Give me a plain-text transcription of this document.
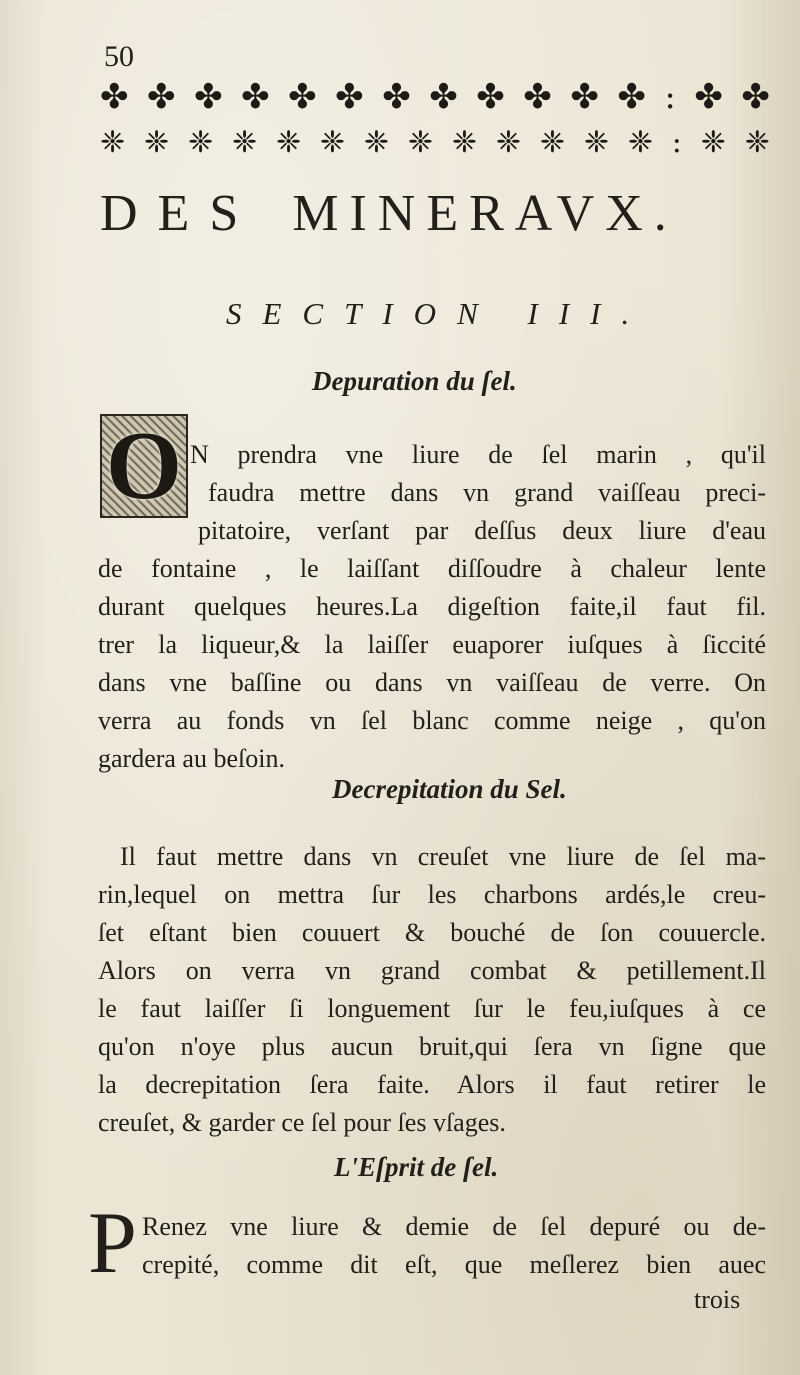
50
✤ ✤ ✤ ✤ ✤ ✤ ✤ ✤ ✤ ✤ ✤ ✤ : ✤ ✤
❈ ❈ ❈ ❈ ❈ ❈ ❈ ❈ ❈ ❈ ❈ ❈ ❈ : ❈ ❈
DES MINERAVX.
SECTION III.
Depuration du ſel.
O N prendra vne liure de ſel marin , qu'il
faudra mettre dans vn grand vaiſſeau preci-
pitatoire, verſant par deſſus deux liure d'eau
de fontaine , le laiſſant diſſoudre à chaleur lente
durant quelques heures.La digeſtion faite,il faut fil.
trer la liqueur,& la laiſſer euaporer iuſques à ſiccité
dans vne baſſine ou dans vn vaiſſeau de verre. On
verra au fonds vn ſel blanc comme neige , qu'on
gardera au beſoin.
Decrepitation du Sel.
Il faut mettre dans vn creuſet vne liure de ſel ma-
rin,lequel on mettra ſur les charbons ardés,le creu-
ſet eſtant bien couuert & bouché de ſon couuercle.
Alors on verra vn grand combat & petillement.Il
le faut laiſſer ſi longuement ſur le feu,iuſques à ce
qu'on n'oye plus aucun bruit,qui ſera vn ſigne que
la decrepitation ſera faite. Alors il faut retirer le
creuſet, & garder ce ſel pour ſes vſages.
L'Eſprit de ſel.
P Renez vne liure & demie de ſel depuré ou de-
crepité, comme dit eſt, que meſlerez bien auec
trois
